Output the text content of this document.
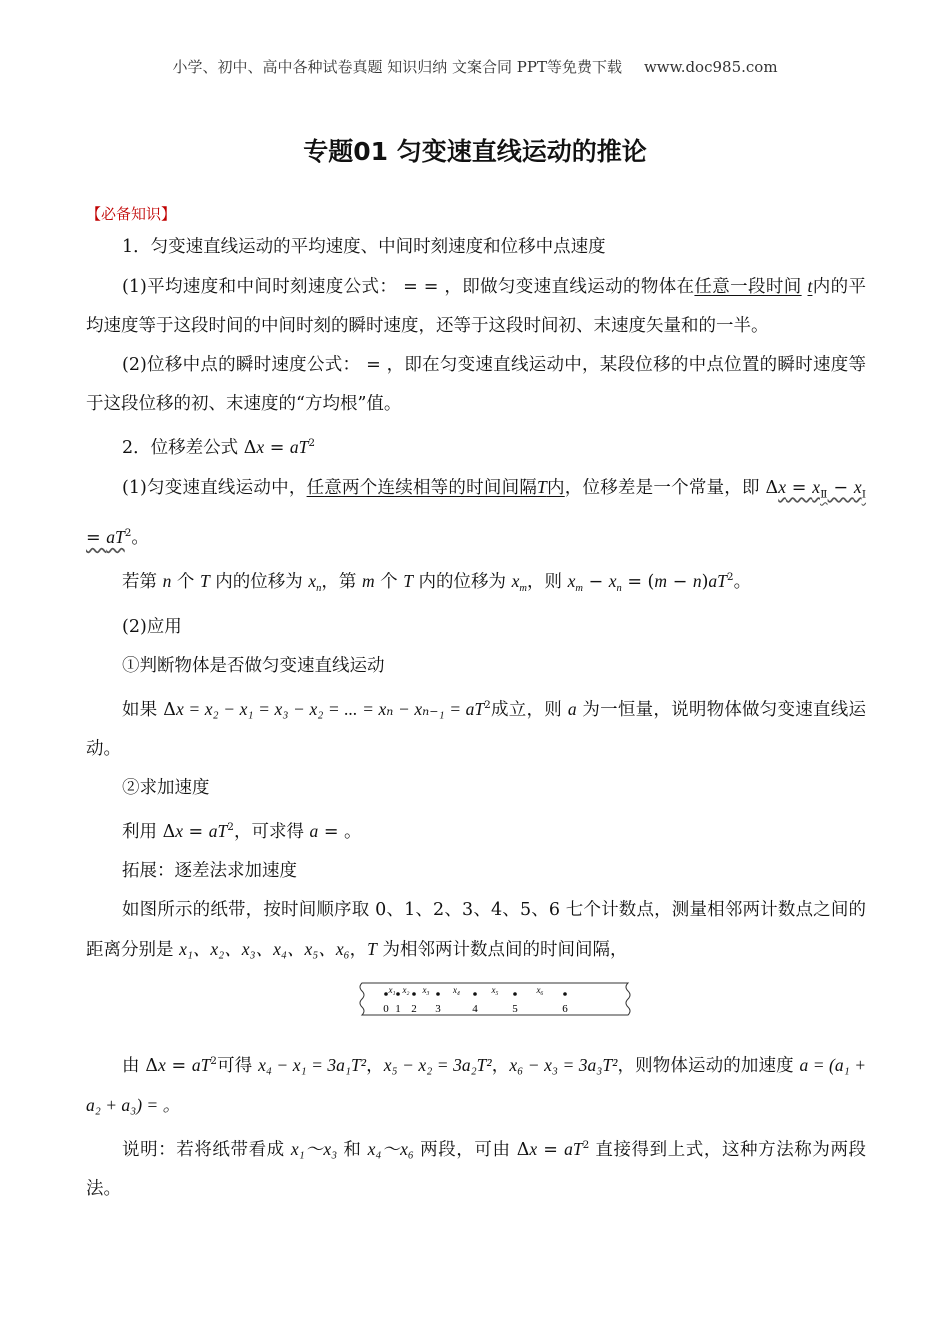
小学、初中、高中各种试卷真题 知识归纳 文案合同 PPT等免费下载 www.doc985.com
专题01 匀变速直线运动的推论

【必备知识】

1．匀变速直线运动的平均速度、中间时刻速度和位移中点速度

(1)平均速度和中间时刻速度公式： = = ，即做匀变速直线运动的物体在任意一段时间 t内的平均速度等于这段时间的中间时刻的瞬时速度，还等于这段时间初、末速度矢量和的一半。

(2)位移中点的瞬时速度公式： = ，即在匀变速直线运动中，某段位移的中点位置的瞬时速度等于这段位移的初、末速度的“方均根”值。

2．位移差公式 $\Delta x = aT^2$

(1)匀变速直线运动中，任意两个连续相等的时间间隔T内，位移差是一个常量，即 $\Delta x = x_Ⅱ - x_Ⅰ = aT^2$。

若第 n 个 T 内的位移为 $x_n$，第 m 个 T 内的位移为 $x_m$，则 $x_m - x_n = (m - n)aT^2$。

(2)应用

①判断物体是否做匀变速直线运动

如果 Δx = x₂ − x₁ = x₃ − x₂ = ... = $x_n - x_{n-1} = aT^2$成立，则 a 为一恒量，说明物体做匀变速直线运动。

②求加速度

利用 $\Delta x = aT^2$，可求得 a = 。

拓展：逐差法求加速度

如图所示的纸带，按时间顺序取 0、1、2、3、4、5、6 七个计数点，测量相邻两计数点之间的距离分别是 x₁、x₂、x₃、x₄、x₅、x₆，T 为相邻两计数点间的时间间隔，

x₁ x₂ x₃	x₄	x₅	x₆
0 1 2 3	4	5	6

由 $\Delta x = aT^2$可得 x₄ − x₁ = 3a₁T²，x₅ − x₂ = 3a₂T²，x₆ − x₃ = 3a₃T²，则物体运动的加速度 a = (a₁ + a₂ + a₃) = 。

说明：若将纸带看成 x₁～x₃ 和 x₄～x₆ 两段，可由 $\Delta x = aT^2$ 直接得到上式，这种方法称为两段法。
